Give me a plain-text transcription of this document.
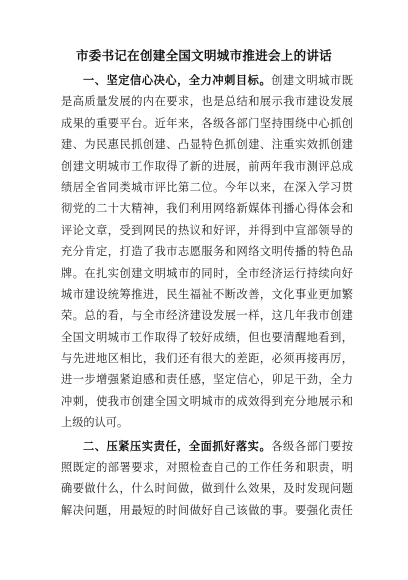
市委书记在创建全国文明城市推进会上的讲话
一、坚定信心决心，全力冲刺目标。创建文明城市既
是高质量发展的内在要求，也是总结和展示我市建设发展
成果的重要平台。近年来，各级各部门坚持围绕中心抓创
建、为民惠民抓创建、凸显特色抓创建、注重实效抓创建
创建文明城市工作取得了新的进展，前两年我市测评总成
绩居全省同类城市评比第二位。今年以来，在深入学习贯
彻党的二十大精神，我们利用网络新媒体刊播心得体会和
评论文章，受到网民的热议和好评，并得到中宣部领导的
充分肯定，打造了我市志愿服务和网络文明传播的特色品
牌。在扎实创建文明城市的同时，全市经济运行持续向好
城市建设统筹推进，民生福祉不断改善，文化事业更加繁
荣。总的看，与全市经济建设发展一样，这几年我市创建
全国文明城市工作取得了较好成绩，但也要清醒地看到，
与先进地区相比，我们还有很大的差距，必须再接再厉，
进一步增强紧迫感和责任感，坚定信心，卯足干劲，全力
冲刺，使我市创建全国文明城市的成效得到充分地展示和
上级的认可。
二、压紧压实责任，全面抓好落实。各级各部门要按
照既定的部署要求，对照检查自己的工作任务和职责，明
确要做什么，什么时间做，做到什么效果，及时发现问题
解决问题，用最短的时间做好自己该做的事。要强化责任
